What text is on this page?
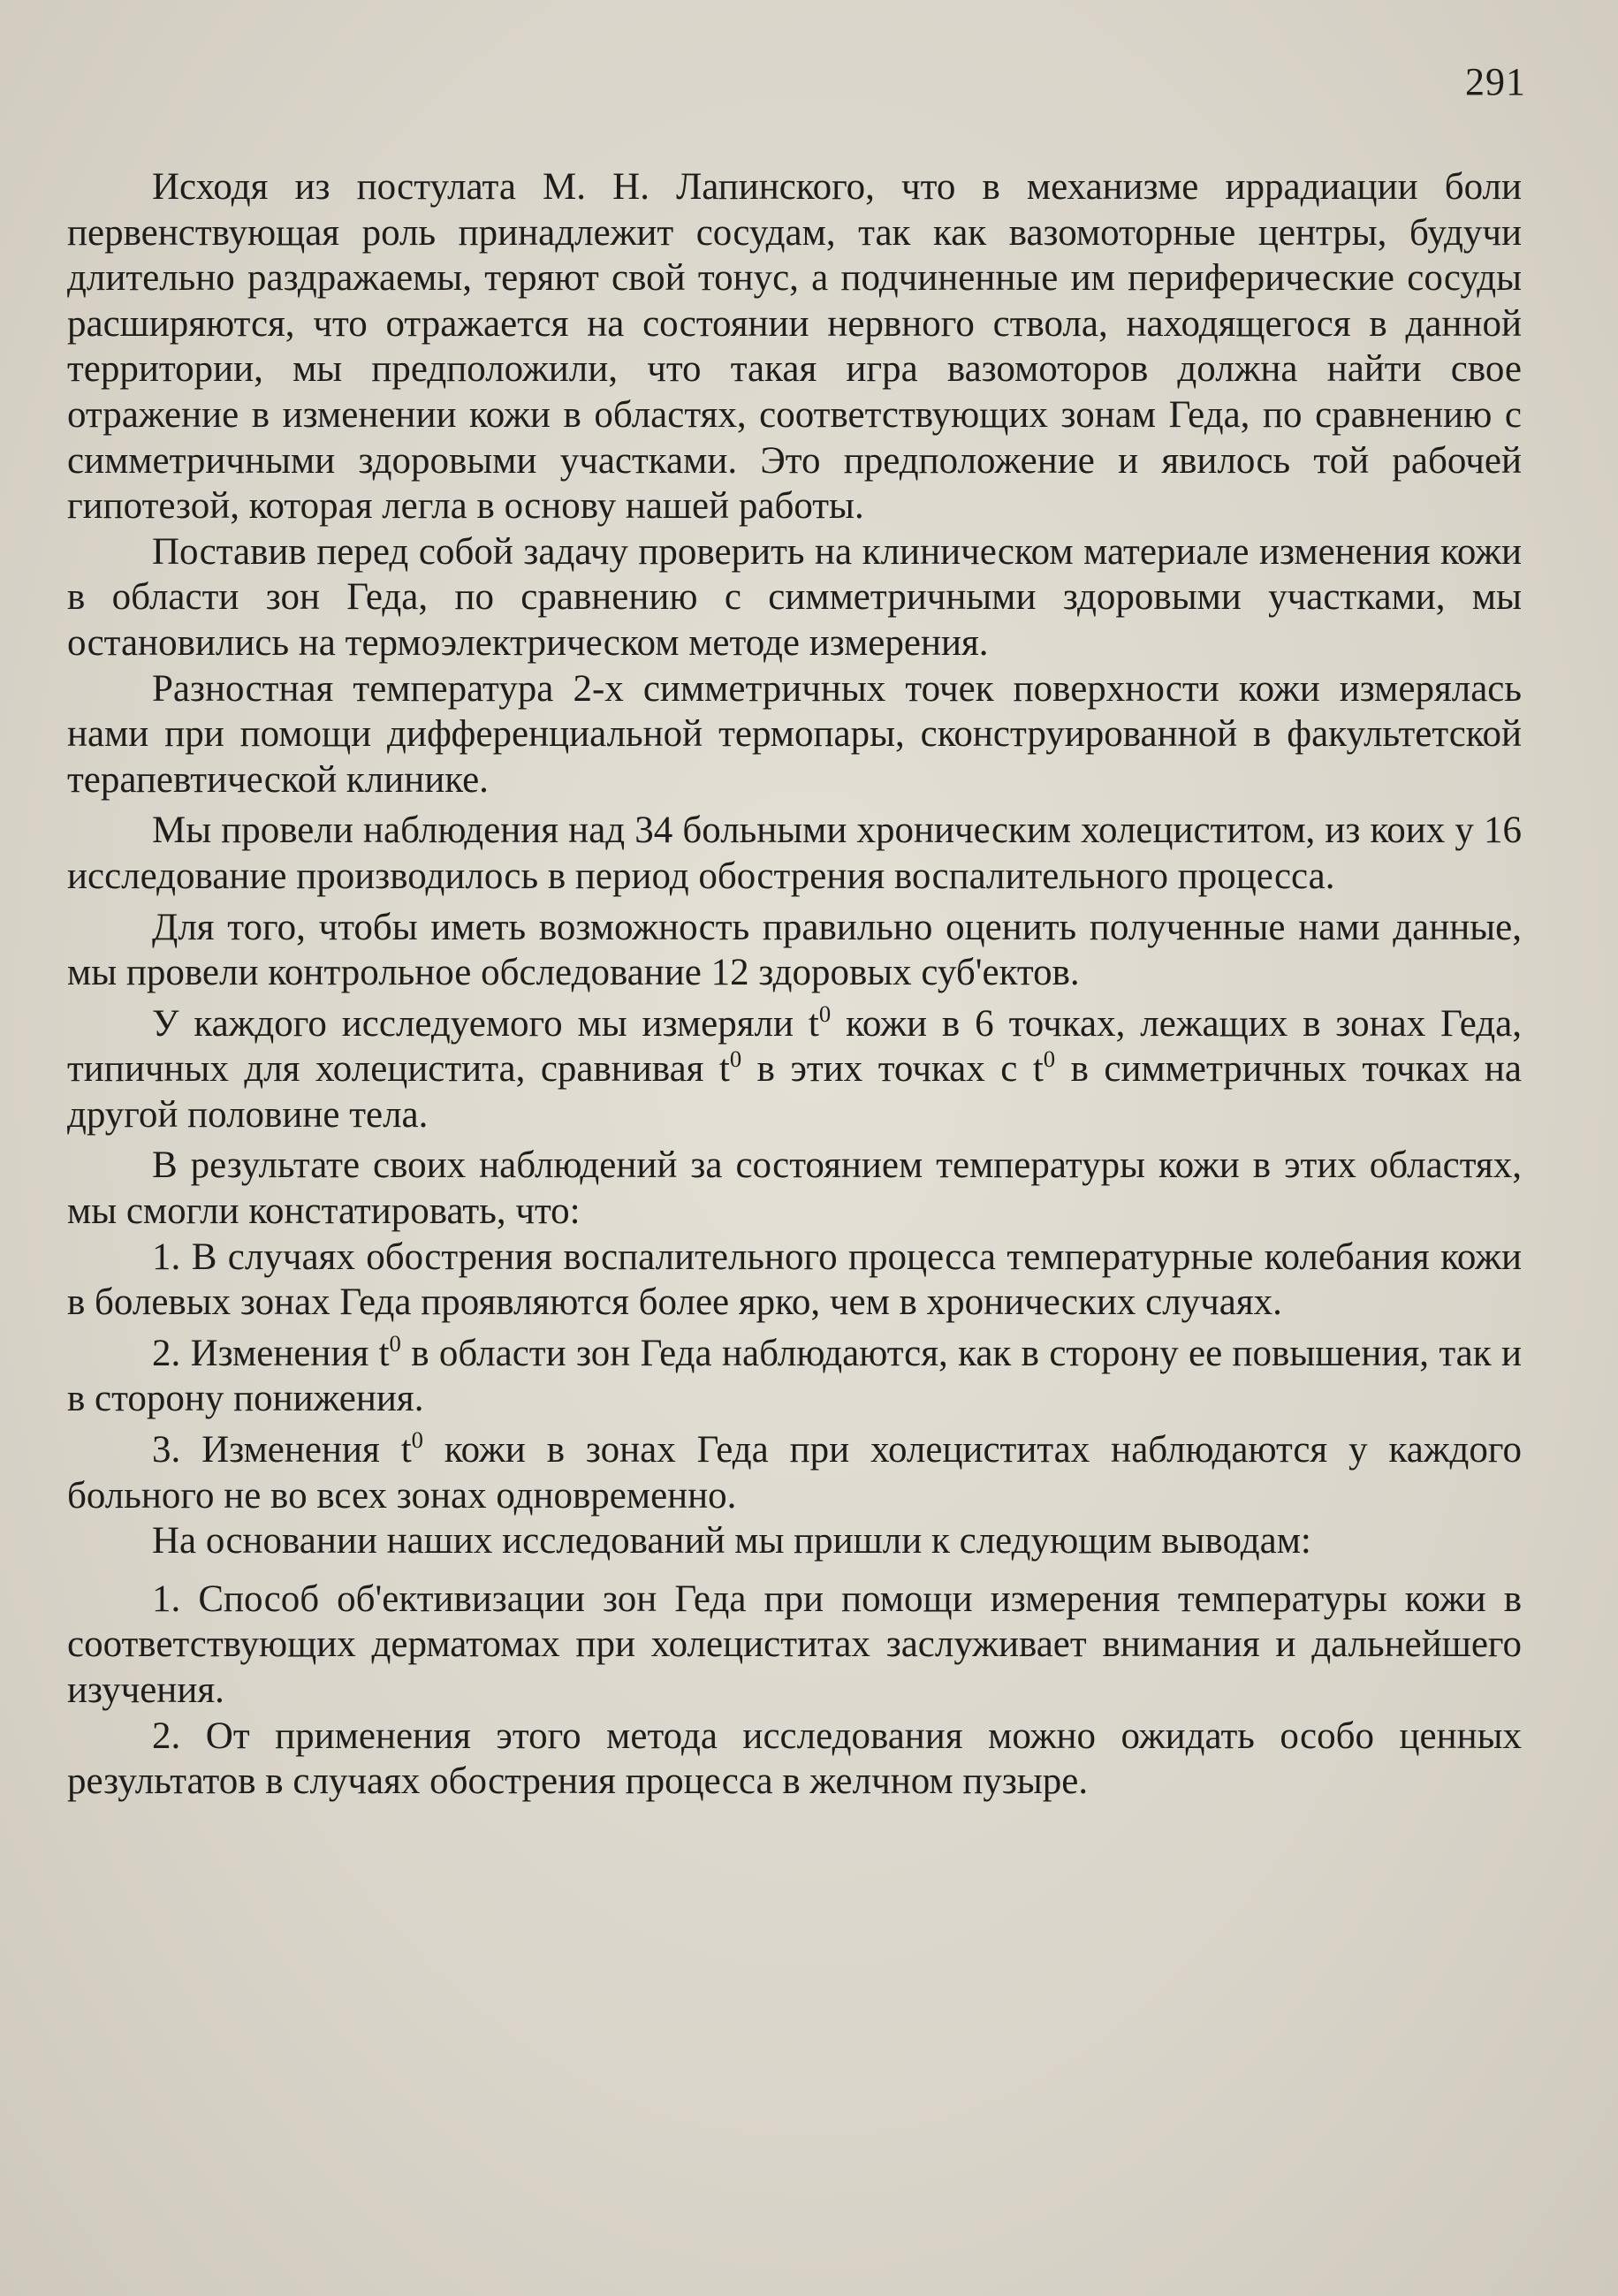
291

Исходя из постулата М. Н. Лапинского, что в механизме иррадиации боли первенствующая роль принадлежит сосудам, так как вазомоторные центры, будучи длительно раздражаемы, теряют свой тонус, а подчиненные им периферические сосуды расширяются, что отражается на состоянии нервного ствола, находящегося в данной территории, мы предположили, что такая игра вазомоторов должна найти свое отражение в изменении кожи в областях, соответствующих зонам Геда, по сравнению с симметричными здоровыми участками. Это предположение и явилось той рабочей гипотезой, которая легла в основу нашей работы.

Поставив перед собой задачу проверить на клиническом материале изменения кожи в области зон Геда, по сравнению с симметричными здоровыми участками, мы остановились на термоэлектрическом методе измерения.

Разностная температура 2-х симметричных точек поверхности кожи измерялась нами при помощи дифференциальной термопары, сконструированной в факультетской терапевтической клинике.

Мы провели наблюдения над 34 больными хроническим холециститом, из коих у 16 исследование производилось в период обострения воспалительного процесса.

Для того, чтобы иметь возможность правильно оценить полученные нами данные, мы провели контрольное обследование 12 здоровых суб'ектов.

У каждого исследуемого мы измеряли $t^0$ кожи в 6 точках, лежащих в зонах Геда, типичных для холецистита, сравнивая $t^0$ в этих точках с $t^0$ в симметричных точках на другой половине тела.

В результате своих наблюдений за состоянием температуры кожи в этих областях, мы смогли констатировать, что:

1. В случаях обострения воспалительного процесса температурные колебания кожи в болевых зонах Геда проявляются более ярко, чем в хронических случаях.

2. Изменения $t^0$ в области зон Геда наблюдаются, как в сторону ее повышения, так и в сторону понижения.

3. Изменения $t^0$ кожи в зонах Геда при холециститах наблюдаются у каждого больного не во всех зонах одновременно.

На основании наших исследований мы пришли к следующим выводам:

1. Способ об'ективизации зон Геда при помощи измерения температуры кожи в соответствующих дерматомах при холециститах заслуживает внимания и дальнейшего изучения.

2. От применения этого метода исследования можно ожидать особо ценных результатов в случаях обострения процесса в желчном пузыре.
